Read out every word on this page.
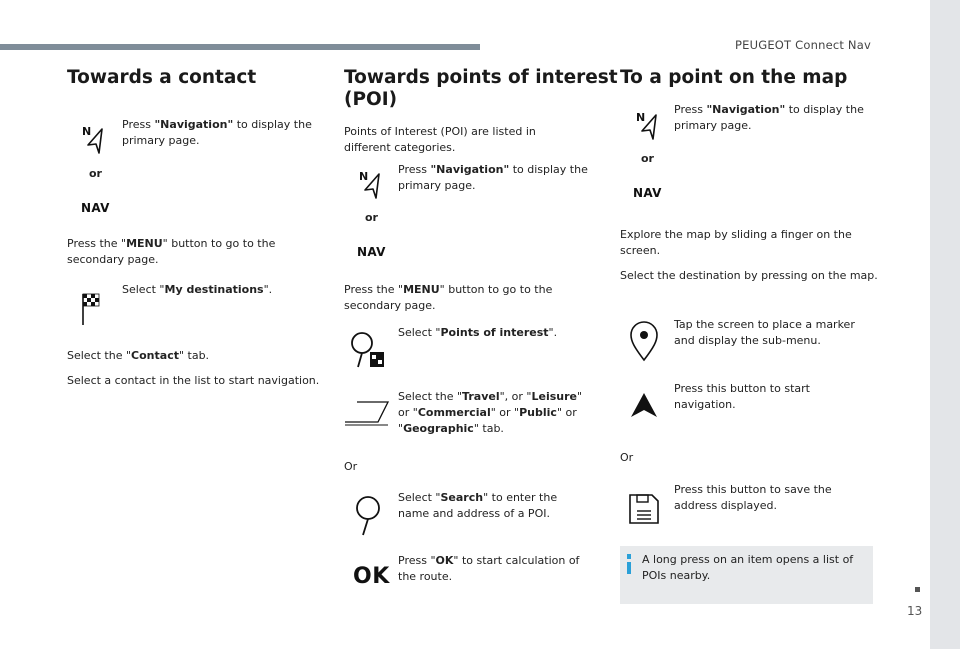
PEUGEOT Connect Nav
13
Towards a contact
N
Press "Navigation" to display the primary page.
or
NAV
Press the "MENU" button to go to the secondary page.
Select "My destinations".
Select the "Contact" tab.
Select a contact in the list to start navigation.
Towards points of interest
(POI)
Points of Interest (POI) are listed in different categories.
N
Press "Navigation" to display the primary page.
or
NAV
Press the "MENU" button to go to the secondary page.
Select "Points of interest".
Select the "Travel", or "Leisure" or "Commercial" or "Public" or "Geographic" tab.
Or
Select "Search" to enter the name and address of a POI.
OK
Press "OK" to start calculation of the route.
To a point on the map
N
Press "Navigation" to display the primary page.
or
NAV
Explore the map by sliding a finger on the screen.
Select the destination by pressing on the map.
Tap the screen to place a marker and display the sub-menu.
Press this button to start navigation.
Or
Press this button to save the address displayed.
A long press on an item opens a list of POIs nearby.
